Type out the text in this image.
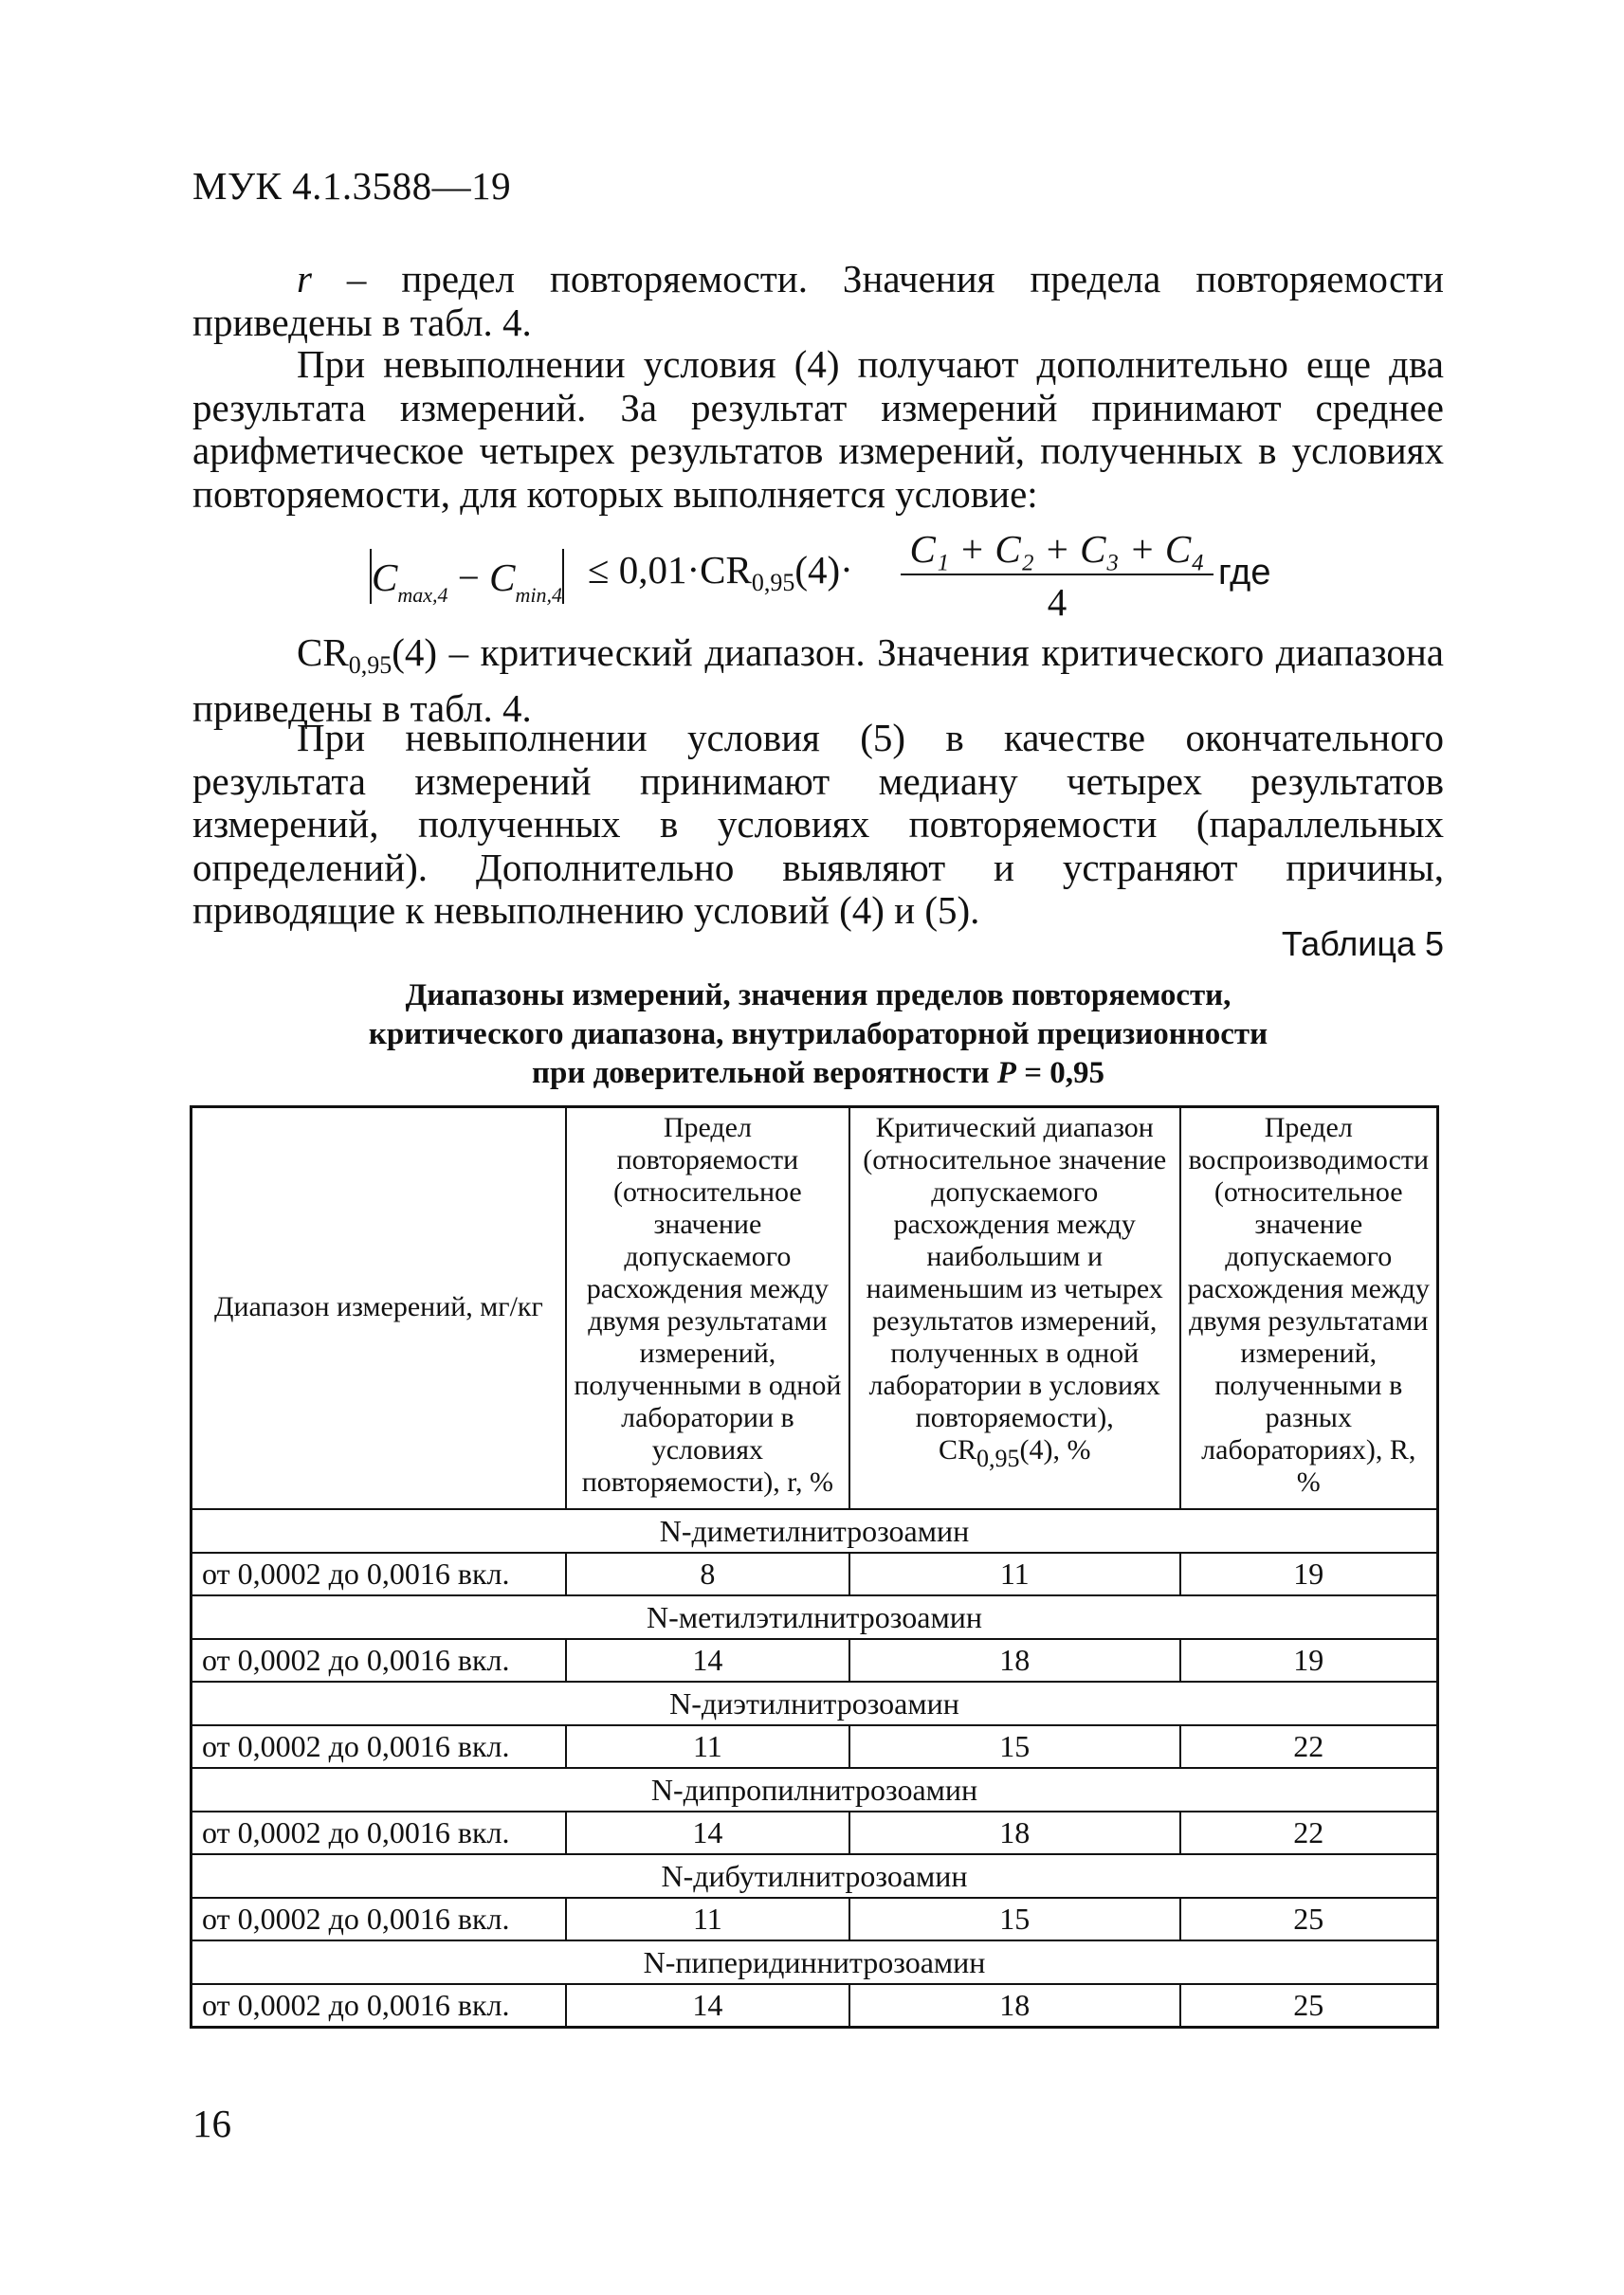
МУК 4.1.3588—19

r – предел повторяемости. Значения предела повторяемости приведены в табл. 4.

При невыполнении условия (4) получают дополнительно еще два результата измерений. За результат измерений принимают среднее арифметическое четырех результатов измерений, полученных в условиях повторяемости, для которых выполняется условие:

$C_{max,4} - C_{min,4}$
≤ $0,01\cdot CR_{0,95}(4)\cdot \frac{\text{C₁ + C₂ + C₃ + C₄}}{4}$ где

$CR_{0,95}(4)$ – критический диапазон. Значения критического диапазона приведены в табл. 4.

При невыполнении условия (5) в качестве окончательного результата измерений принимают медиану четырех результатов измерений, полученных в условиях повторяемости (параллельных определений). Дополнительно выявляют и устраняют причины, приводящие к невыполнению условий (4) и (5).

Таблица 5
Диапазоны измерений, значения пределов повторяемости,
критического диапазона, внутрилабораторной прецизионности
при доверительной вероятности P = 0,95
Диапазон измерений, мг/кг	Предел повторяемости (относительное значение допускаемого расхождения между двумя результатами измерений, полученными в одной лаборатории в условиях повторяемости), r, %	Критический диапазон (относительное значение допускаемого расхождения между наибольшим и наименьшим из четырех результатов измерений, полученных в одной лаборатории в условиях повторяемости), CR0,95(4), %	Предел воспроизводимости (относительное значение допускаемого расхождения между двумя результатами измерений, полученными в разных лабораториях), R, %
N-диметилнитрозоамин			
от 0,0002 до 0,0016 вкл.	8	11	19
N-метилэтилнитрозоамин			
от 0,0002 до 0,0016 вкл.	14	18	19
N-диэтилнитрозоамин			
от 0,0002 до 0,0016 вкл.	11	15	22
N-дипропилнитрозоамин			
от 0,0002 до 0,0016 вкл.	14	18	22
N-дибутилнитрозоамин			
от 0,0002 до 0,0016 вкл.	11	15	25
N-пиперидиннитрозоамин			
от 0,0002 до 0,0016 вкл.	14	18	25
16
